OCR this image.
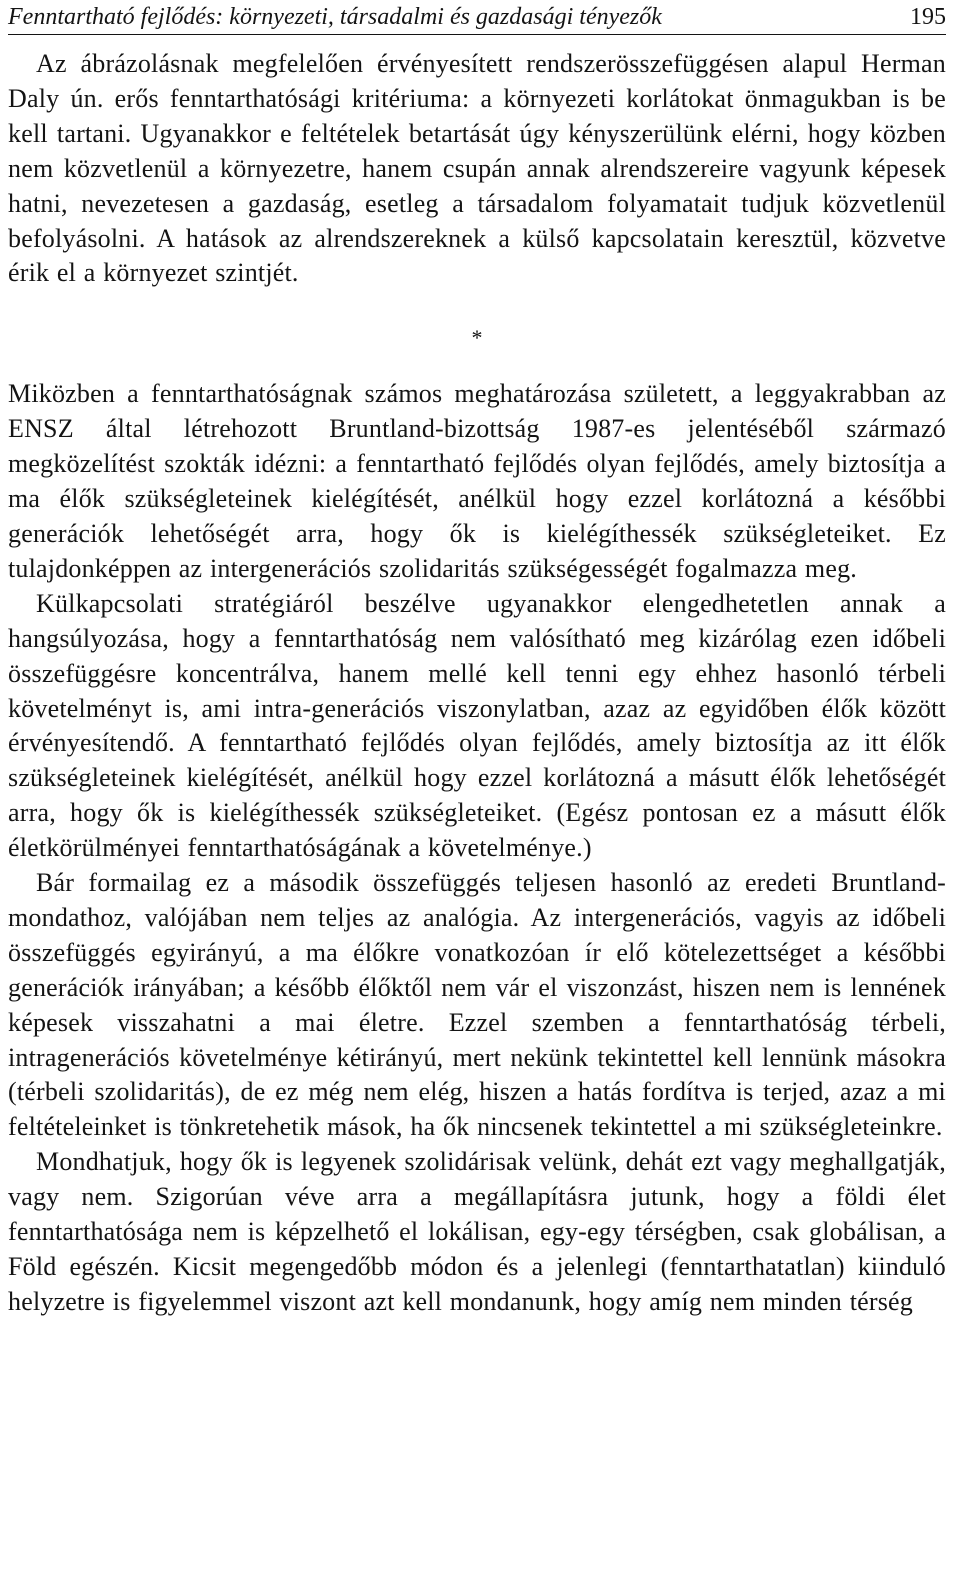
Fenntartható fejlődés: környezeti, társadalmi és gazdasági tényezők	195

Az ábrázolásnak megfelelően érvényesített rendszerösszefüggésen alapul Herman Daly ún. erős fenntarthatósági kritériuma: a környezeti korlátokat önmagukban is be kell tartani. Ugyanakkor e feltételek betartását úgy kényszerülünk elérni, hogy közben nem közvetlenül a környezetre, hanem csupán annak alrendszereire vagyunk képesek hatni, nevezetesen a gazdaság, esetleg a társadalom folyamatait tudjuk közvetlenül befolyásolni. A hatások az alrendszereknek a külső kapcsolatain keresztül, közvetve érik el a környezet szintjét.

*

Miközben a fenntarthatóságnak számos meghatározása született, a leggyakrabban az ENSZ által létrehozott Bruntland-bizottság 1987-es jelentéséből származó megközelítést szokták idézni: a fenntartható fejlődés olyan fejlődés, amely biztosítja a ma élők szükségleteinek kielégítését, anélkül hogy ezzel korlátozná a későbbi generációk lehetőségét arra, hogy ők is kielégíthessék szükségleteiket. Ez tulajdonképpen az intergenerációs szolidaritás szükségességét fogalmazza meg.

Külkapcsolati stratégiáról beszélve ugyanakkor elengedhetetlen annak a hangsúlyozása, hogy a fenntarthatóság nem valósítható meg kizárólag ezen időbeli összefüggésre koncentrálva, hanem mellé kell tenni egy ehhez hasonló térbeli követelményt is, ami intra-generációs viszonylatban, azaz az egyidőben élők között érvényesítendő. A fenntartható fejlődés olyan fejlődés, amely biztosítja az itt élők szükségleteinek kielégítését, anélkül hogy ezzel korlátozná a másutt élők lehetőségét arra, hogy ők is kielégíthessék szükségleteiket. (Egész pontosan ez a másutt élők életkörülményei fenntarthatóságának a követelménye.)

Bár formailag ez a második összefüggés teljesen hasonló az eredeti Bruntland-mondathoz, valójában nem teljes az analógia. Az intergenerációs, vagyis az időbeli összefüggés egyirányú, a ma élőkre vonatkozóan ír elő kötelezettséget a későbbi generációk irányában; a később élőktől nem vár el viszonzást, hiszen nem is lennének képesek visszahatni a mai életre. Ezzel szemben a fenntarthatóság térbeli, intragenerációs követelménye kétirányú, mert nekünk tekintettel kell lennünk másokra (térbeli szolidaritás), de ez még nem elég, hiszen a hatás fordítva is terjed, azaz a mi feltételeinket is tönkretehetik mások, ha ők nincsenek tekintettel a mi szükségleteinkre.

Mondhatjuk, hogy ők is legyenek szolidárisak velünk, dehát ezt vagy meghallgatják, vagy nem. Szigorúan véve arra a megállapításra jutunk, hogy a földi élet fenntarthatósága nem is képzelhető el lokálisan, egy-egy térségben, csak globálisan, a Föld egészén. Kicsit megengedőbb módon és a jelenlegi (fenntarthatatlan) kiinduló helyzetre is figyelemmel viszont azt kell mondanunk, hogy amíg nem minden térség
